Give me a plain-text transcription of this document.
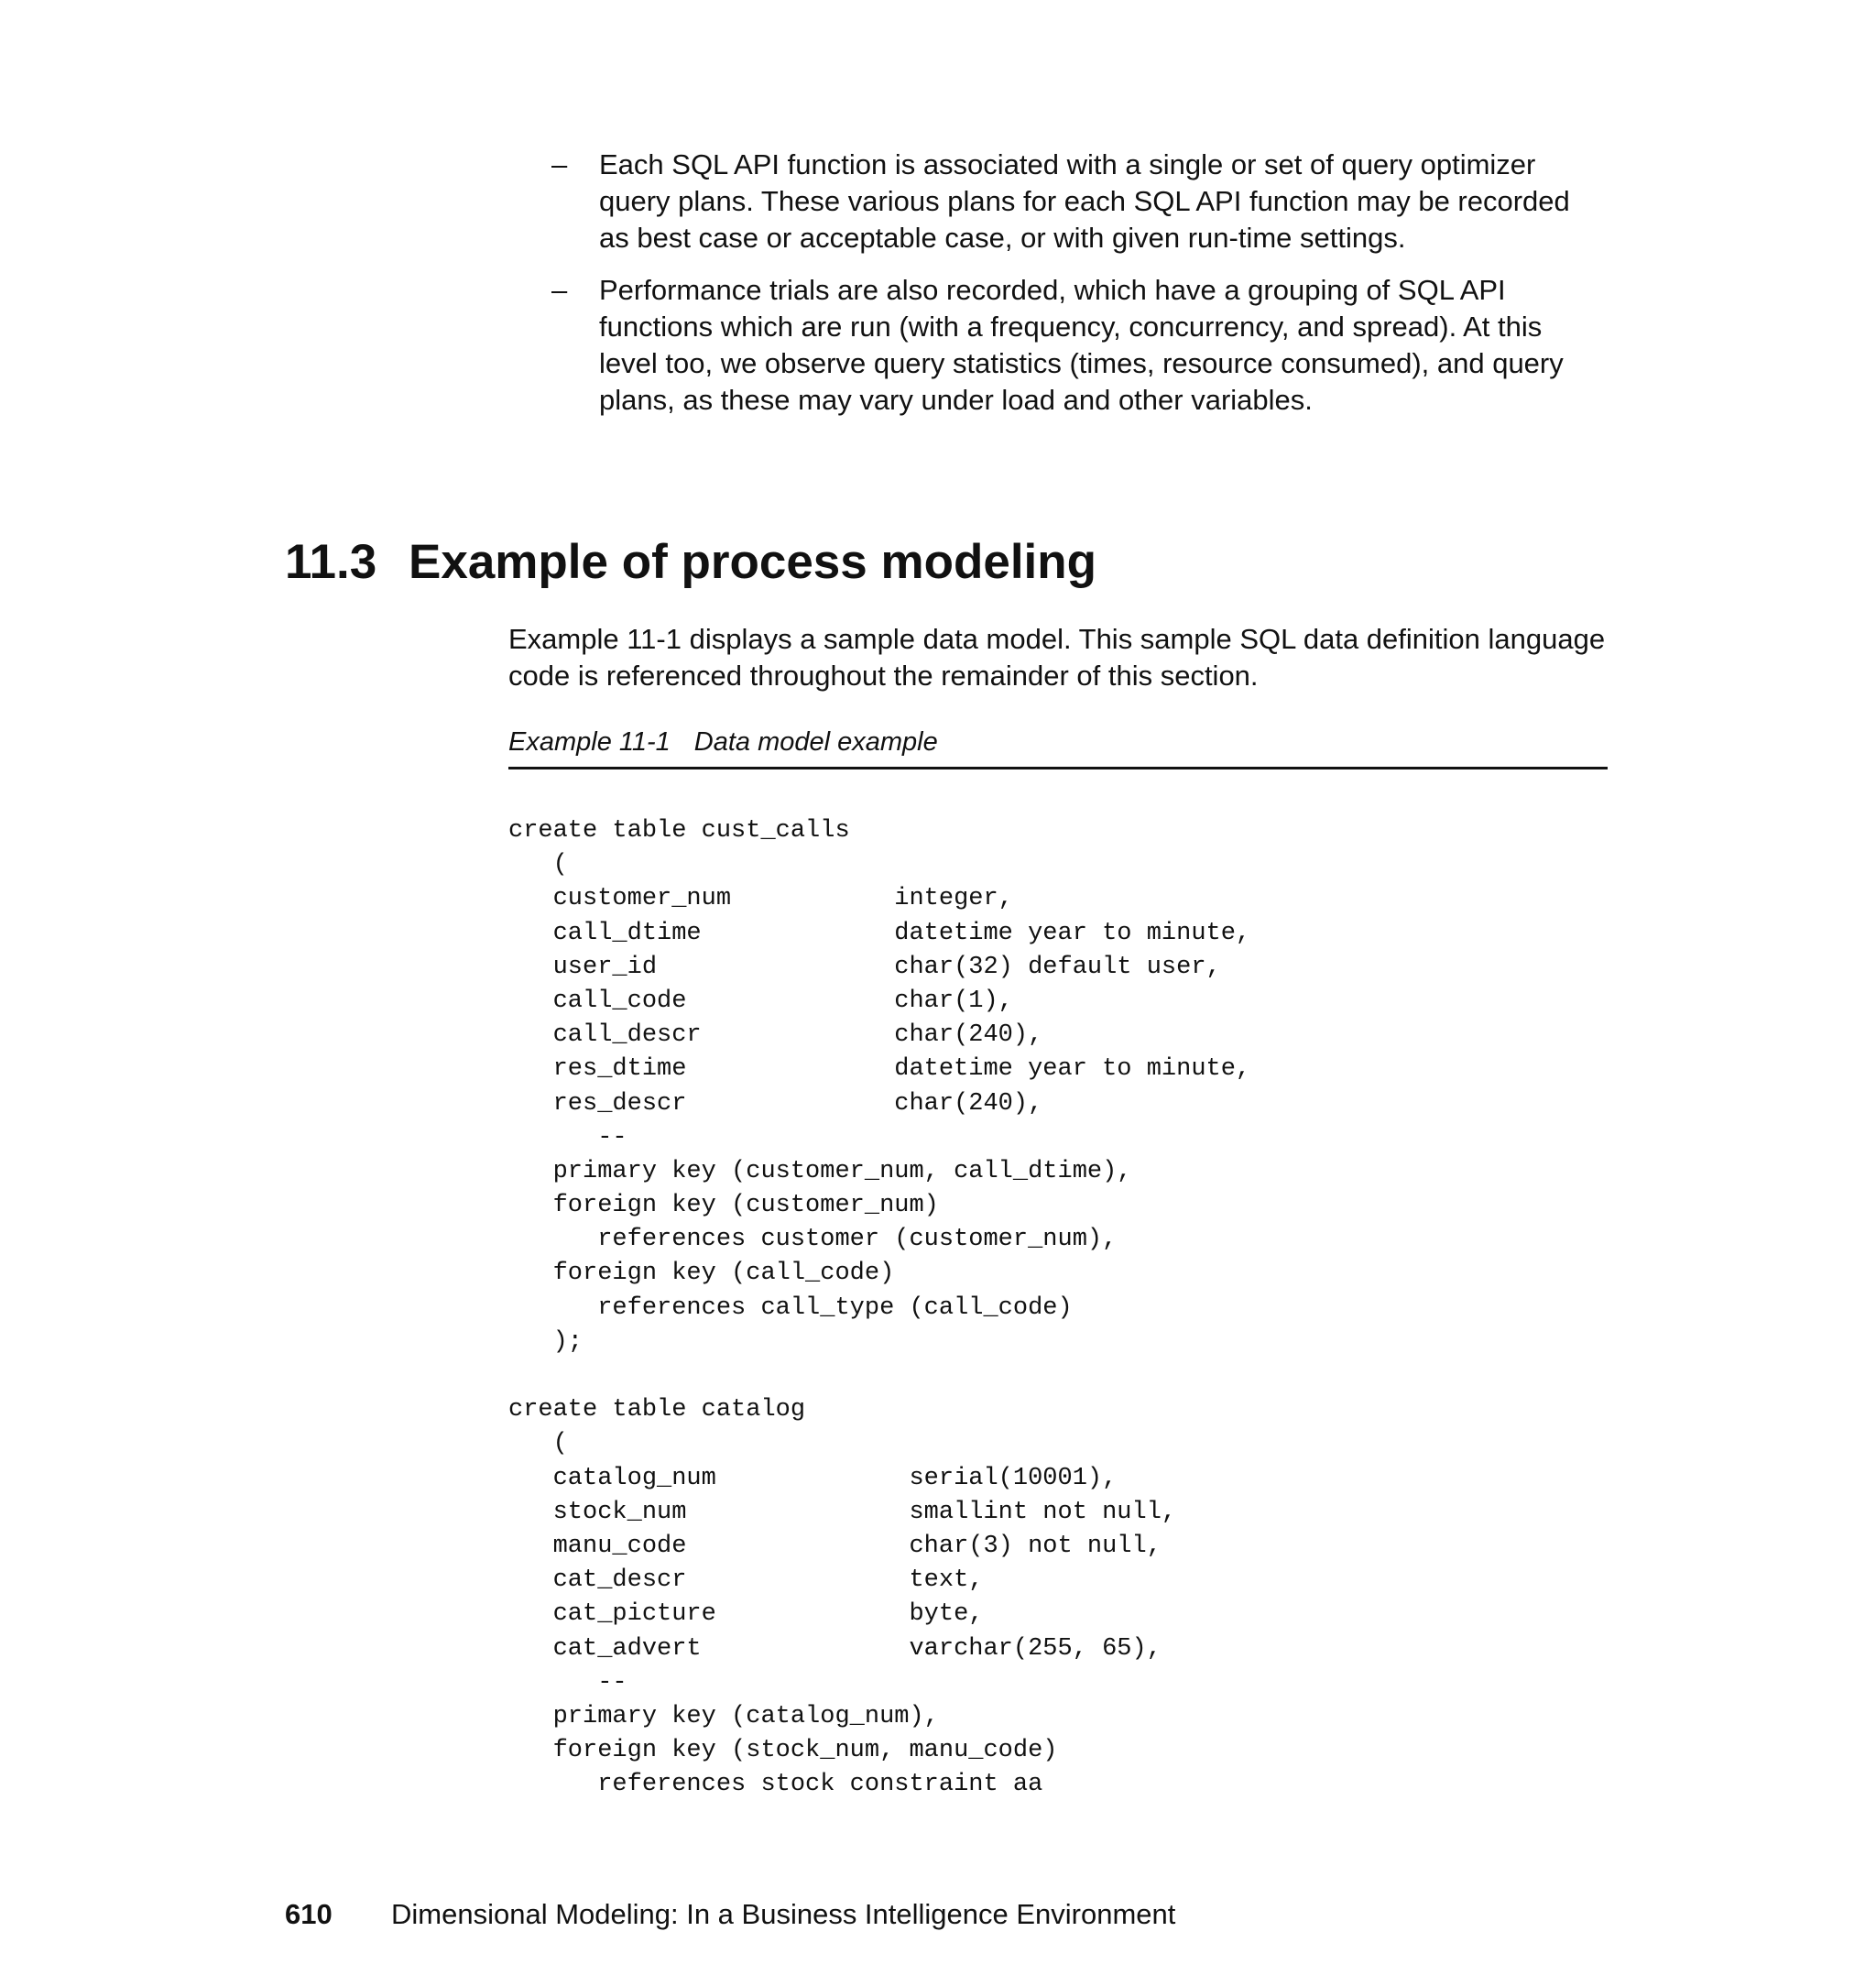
– Each SQL API function is associated with a single or set of query optimizer query plans. These various plans for each SQL API function may be recorded as best case or acceptable case, or with given run-time settings.
– Performance trials are also recorded, which have a grouping of SQL API functions which are run (with a frequency, concurrency, and spread). At this level too, we observe query statistics (times, resource consumed), and query plans, as these may vary under load and other variables.
11.3 Example of process modeling

Example 11-1 displays a sample data model. This sample SQL data definition language code is referenced throughout the remainder of this section.

Example 11-1 Data model example

create table cust_calls
(
customer_num           integer,
call_dtime             datetime year to minute,
user_id                char(32) default user,
call_code              char(1),
call_descr             char(240),
res_dtime              datetime year to minute,
res_descr              char(240),
--
primary key (customer_num, call_dtime),
foreign key (customer_num)
references customer (customer_num),
foreign key (call_code)
references call_type (call_code)
);
create table catalog
(
catalog_num             serial(10001),
stock_num               smallint not null,
manu_code               char(3) not null,
cat_descr               text,
cat_picture             byte,
cat_advert              varchar(255, 65),
--
primary key (catalog_num),
foreign key (stock_num, manu_code)
references stock constraint aa
610 Dimensional Modeling: In a Business Intelligence Environment
